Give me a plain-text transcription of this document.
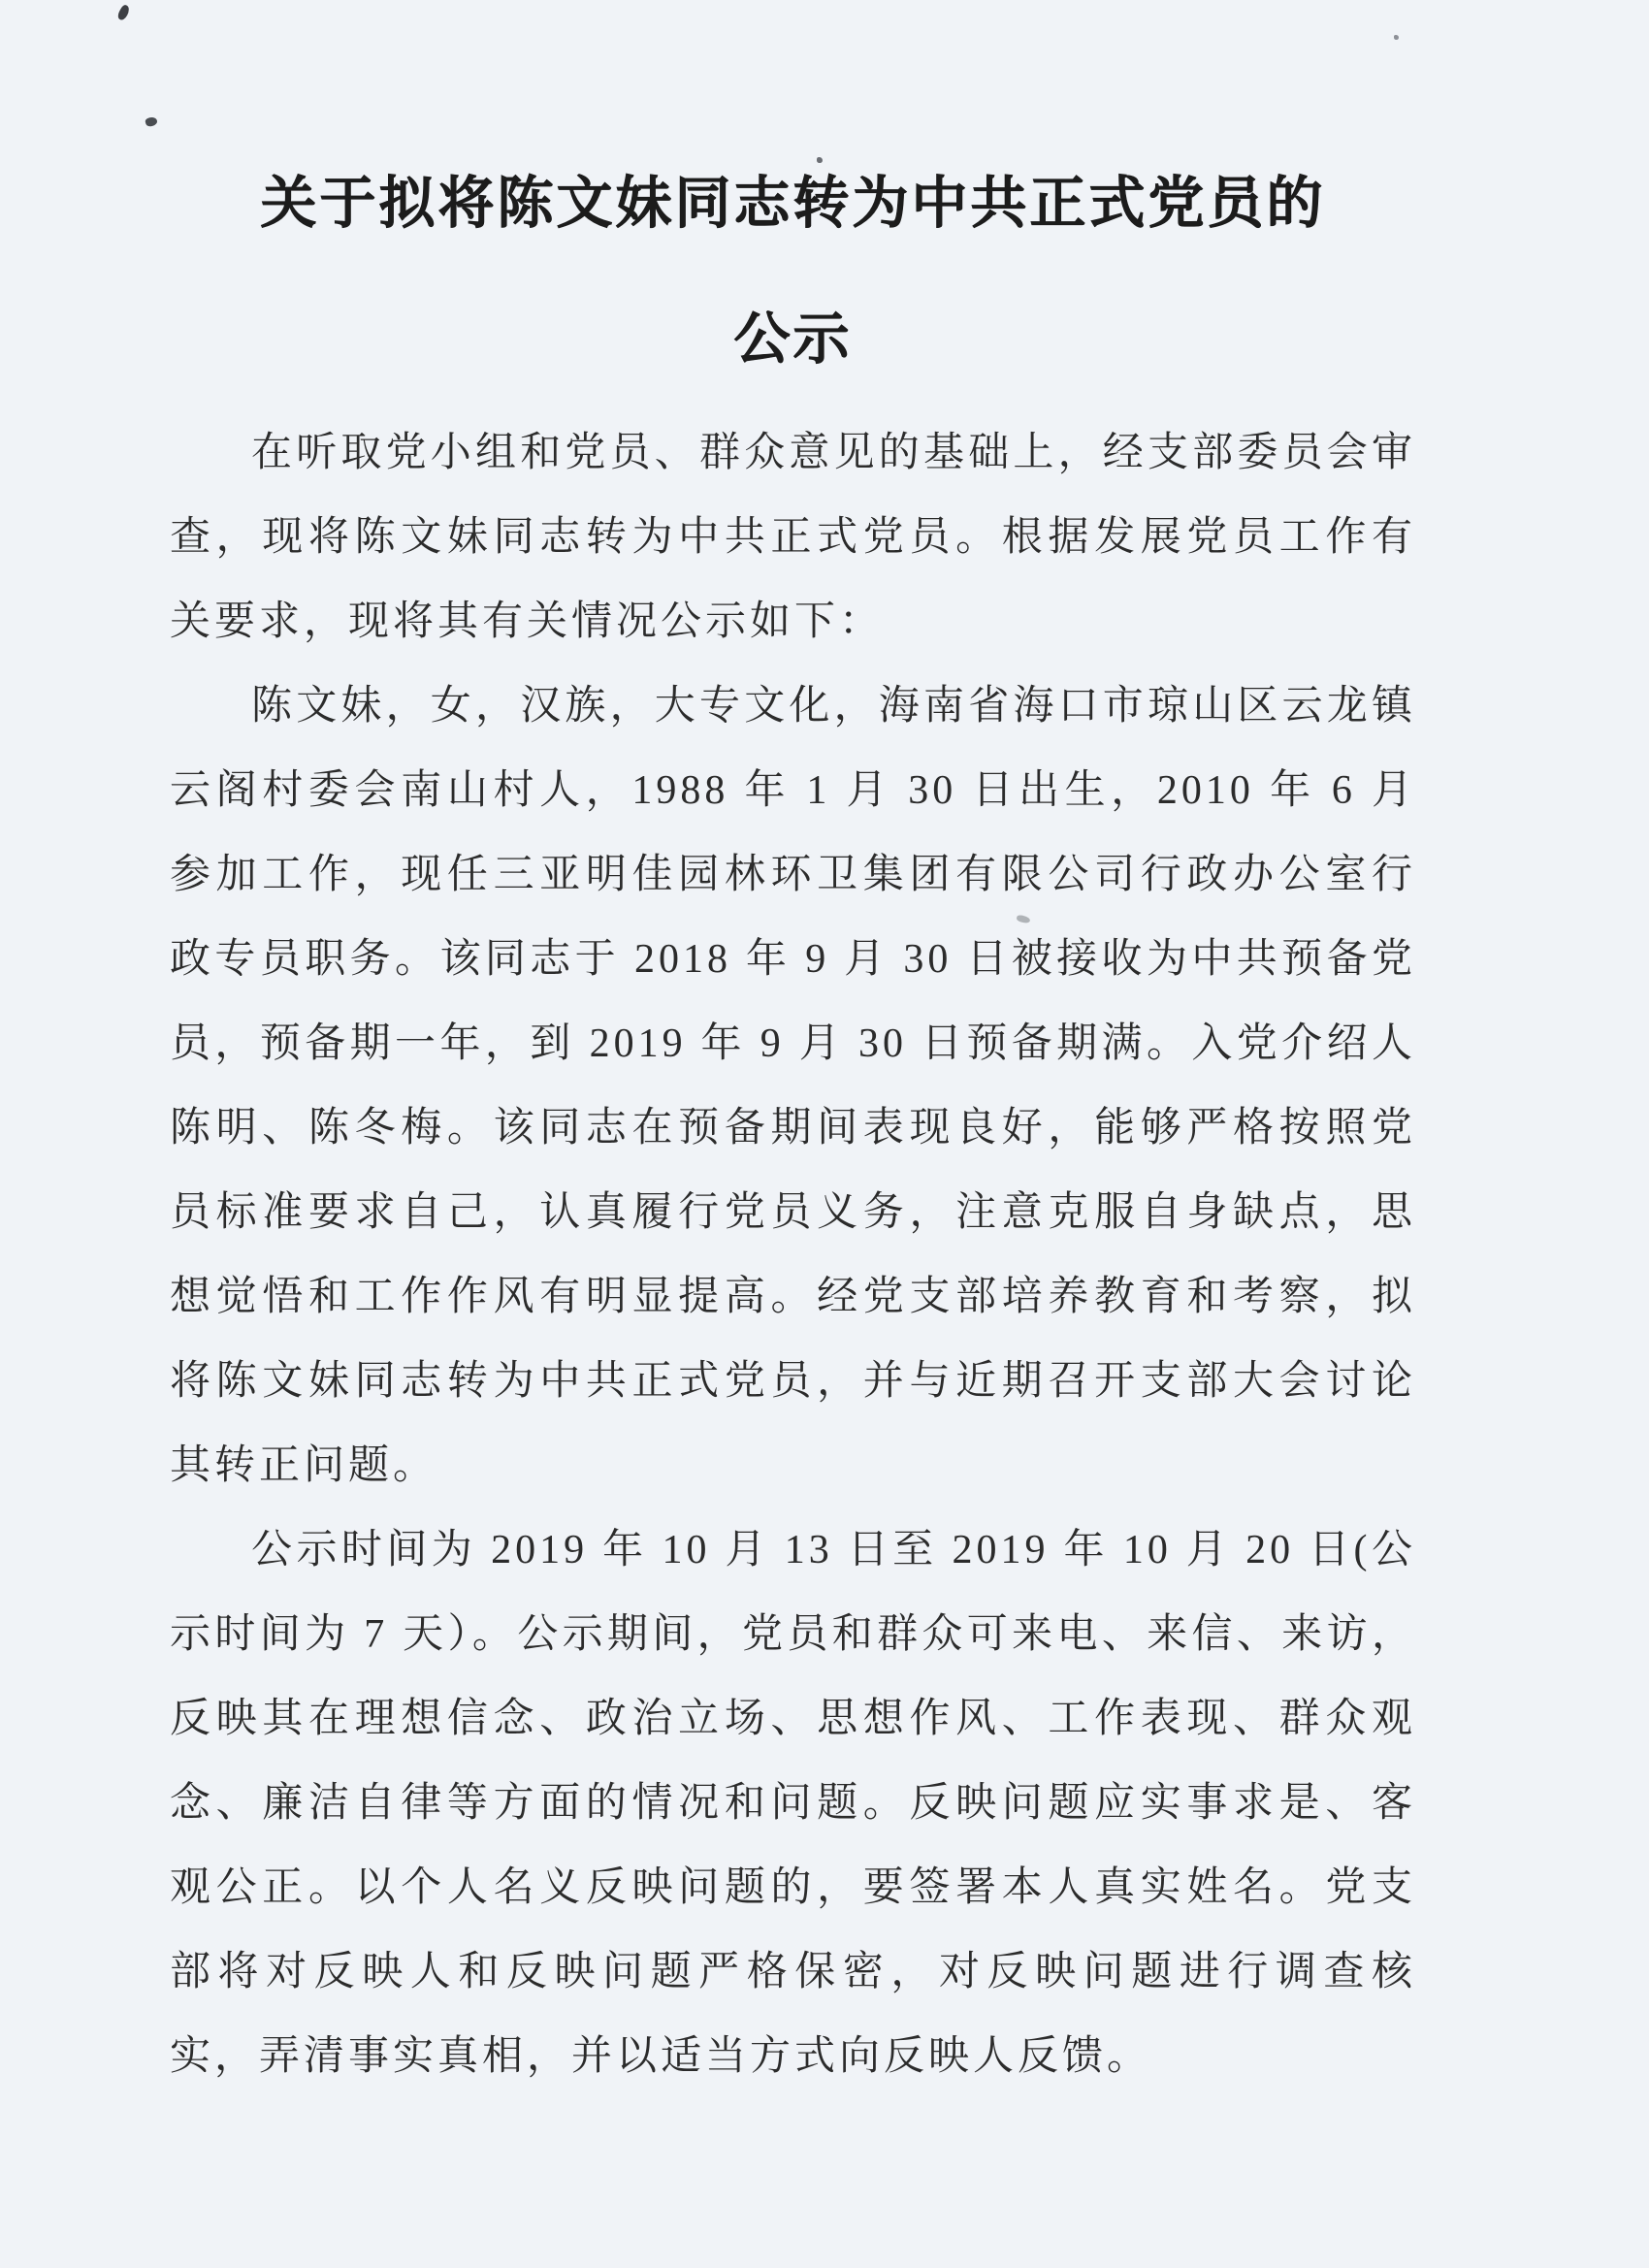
关于拟将陈文妹同志转为中共正式党员的
公示

在听取党小组和党员、群众意见的基础上，经支部委员会审查，现将陈文妹同志转为中共正式党员。根据发展党员工作有关要求，现将其有关情况公示如下：

陈文妹，女，汉族，大专文化，海南省海口市琼山区云龙镇云阁村委会南山村人，1988 年 1 月 30 日出生，2010 年 6 月参加工作，现任三亚明佳园林环卫集团有限公司行政办公室行政专员职务。该同志于 2018 年 9 月 30 日被接收为中共预备党员，预备期一年，到 2019 年 9 月 30 日预备期满。入党介绍人陈明、陈冬梅。该同志在预备期间表现良好，能够严格按照党员标准要求自己，认真履行党员义务，注意克服自身缺点，思想觉悟和工作作风有明显提高。经党支部培养教育和考察，拟将陈文妹同志转为中共正式党员，并与近期召开支部大会讨论其转正问题。

公示时间为 2019 年 10 月 13 日至 2019 年 10 月 20 日(公示时间为 7 天）。公示期间，党员和群众可来电、来信、来访，反映其在理想信念、政治立场、思想作风、工作表现、群众观念、廉洁自律等方面的情况和问题。反映问题应实事求是、客观公正。以个人名义反映问题的，要签署本人真实姓名。党支部将对反映人和反映问题严格保密，对反映问题进行调查核实，弄清事实真相，并以适当方式向反映人反馈。
